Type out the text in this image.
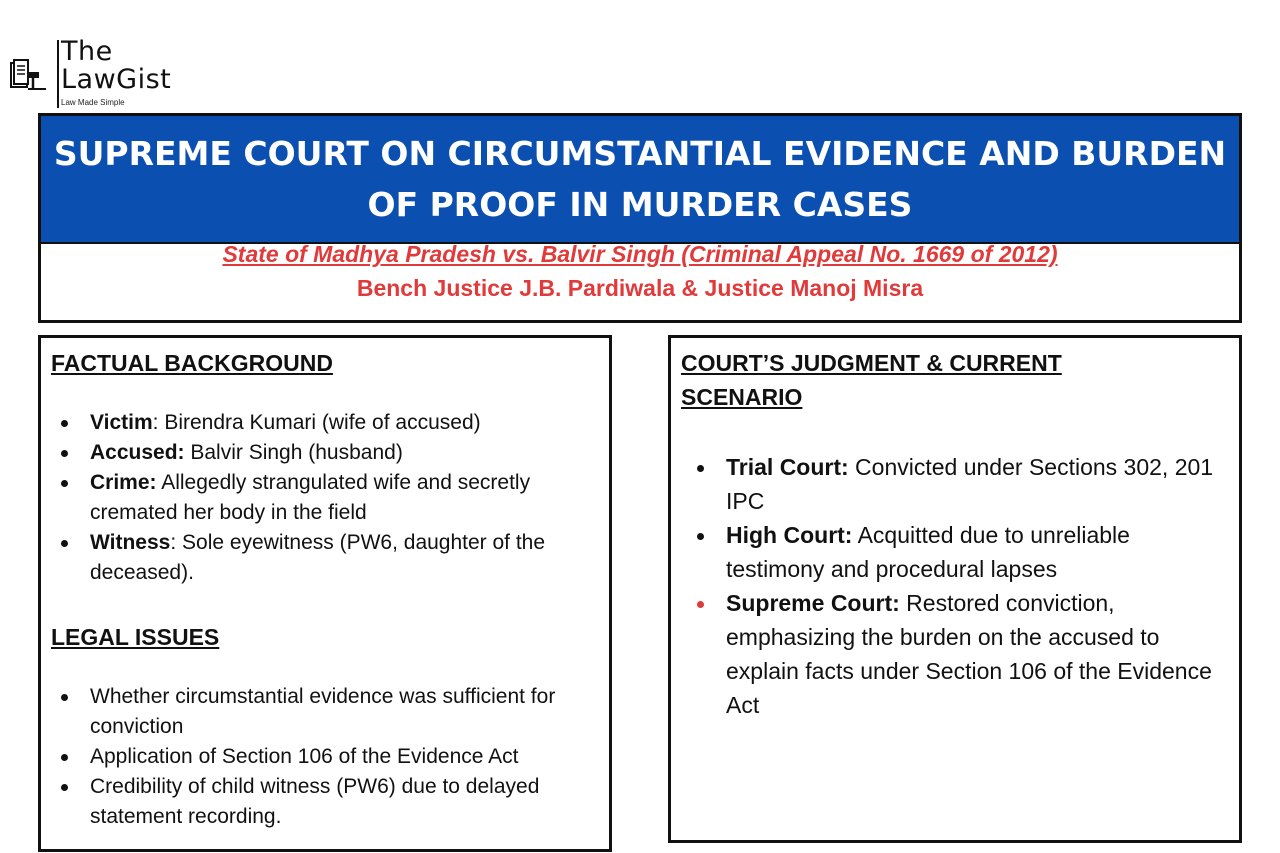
The
LawGist
Law Made Simple
SUPREME COURT ON CIRCUMSTANTIAL EVIDENCE AND BURDEN OF PROOF IN MURDER CASES
State of Madhya Pradesh vs. Balvir Singh (Criminal Appeal No. 1669 of 2012)
Bench Justice J.B. Pardiwala & Justice Manoj Misra
FACTUAL BACKGROUND
Victim: Birendra Kumari (wife of accused)
Accused: Balvir Singh (husband)
Crime: Allegedly strangulated wife and secretly cremated her body in the field
Witness: Sole eyewitness (PW6, daughter of the deceased).
LEGAL ISSUES
Whether circumstantial evidence was sufficient for conviction
Application of Section 106 of the Evidence Act
Credibility of child witness (PW6) due to delayed statement recording.
COURT’S JUDGMENT & CURRENT SCENARIO
Trial Court: Convicted under Sections 302, 201 IPC
High Court: Acquitted due to unreliable testimony and procedural lapses
Supreme Court: Restored conviction, emphasizing the burden on the accused to explain facts under Section 106 of the Evidence Act
